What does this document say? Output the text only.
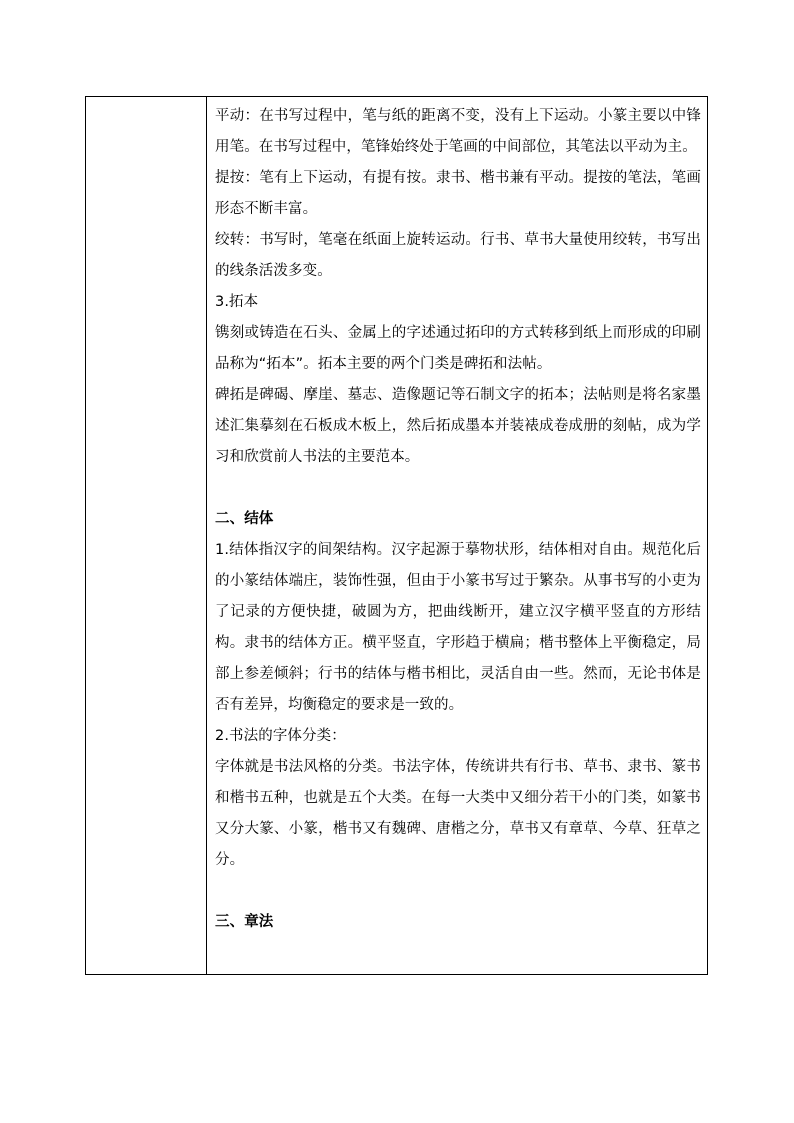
平动：在书写过程中，笔与纸的距离不变，没有上下运动。小篆主要以中锋用笔。在书写过程中，笔锋始终处于笔画的中间部位，其笔法以平动为主。

提按：笔有上下运动，有提有按。隶书、楷书兼有平动。提按的笔法，笔画形态不断丰富。

绞转：书写时，笔毫在纸面上旋转运动。行书、草书大量使用绞转，书写出的线条活泼多变。

3.拓本

镌刻或铸造在石头、金属上的字述通过拓印的方式转移到纸上而形成的印刷品称为“拓本”。拓本主要的两个门类是碑拓和法帖。

碑拓是碑碣、摩崖、墓志、造像题记等石制文字的拓本；法帖则是将名家墨述汇集摹刻在石板成木板上，然后拓成墨本并装裱成卷成册的刻帖，成为学习和欣赏前人书法的主要范本。

二、结体

1.结体指汉字的间架结构。汉字起源于摹物状形，结体相对自由。规范化后的小篆结体端庄，装饰性强，但由于小篆书写过于繁杂。从事书写的小吏为了记录的方便快捷，破圆为方，把曲线断开，建立汉字横平竖直的方形结构。隶书的结体方正。横平竖直，字形趋于横扁；楷书整体上平衡稳定，局部上参差倾斜；行书的结体与楷书相比，灵活自由一些。然而，无论书体是否有差异，均衡稳定的要求是一致的。

2.书法的字体分类：

字体就是书法风格的分类。书法字体，传统讲共有行书、草书、隶书、篆书和楷书五种，也就是五个大类。在每一大类中又细分若干小的门类，如篆书又分大篆、小篆，楷书又有魏碑、唐楷之分，草书又有章草、今草、狂草之分。

三、章法
